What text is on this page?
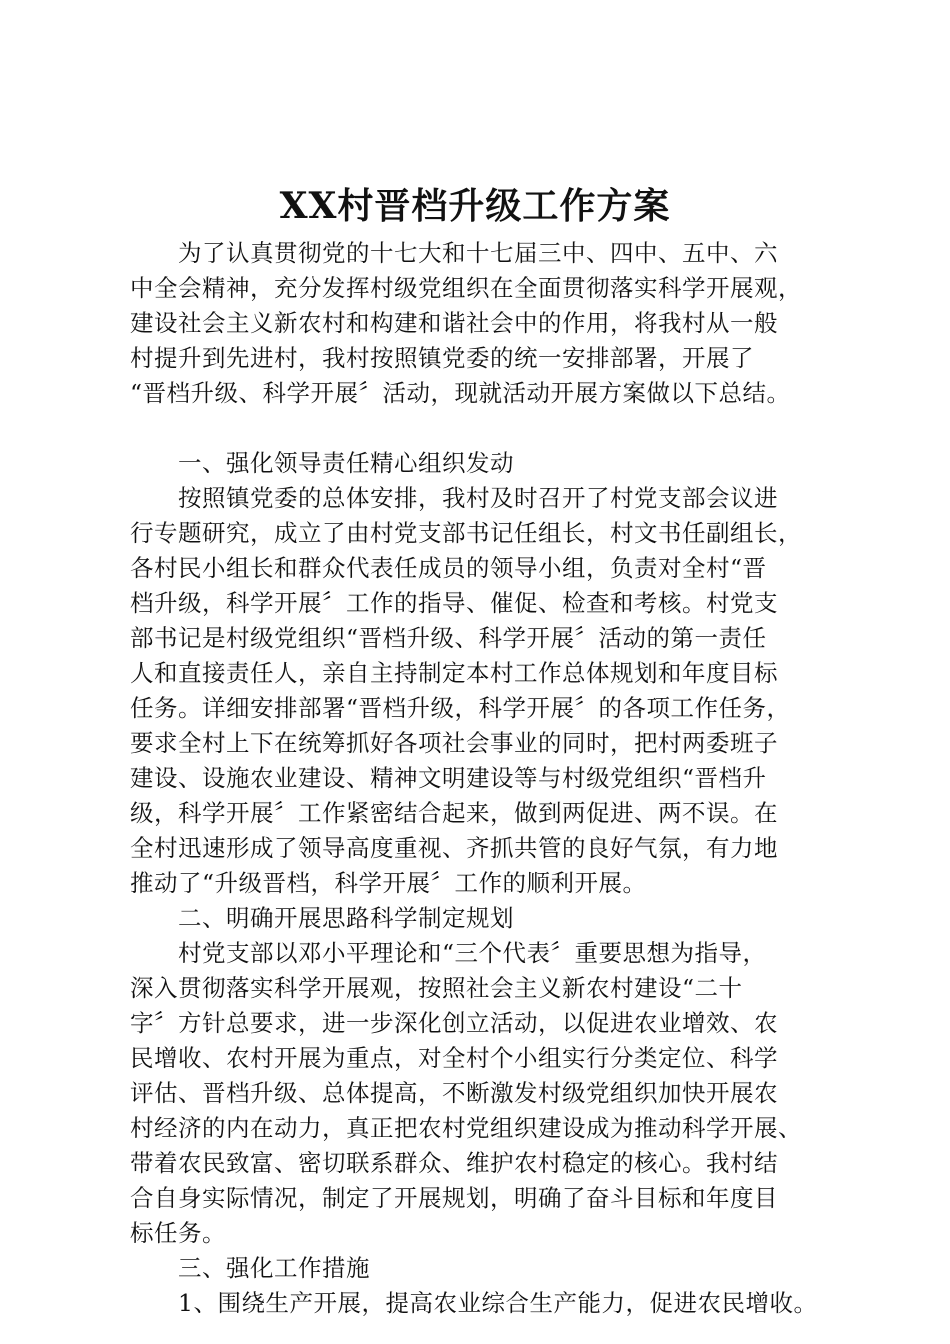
XX村晋档升级工作方案
　　为了认真贯彻党的十七大和十七届三中、四中、五中、六
中全会精神，充分发挥村级党组织在全面贯彻落实科学开展观，
建设社会主义新农村和构建和谐社会中的作用，将我村从一般
村提升到先进村，我村按照镇党委的统一安排部署，开展了
“晋档升级、科学开展〞活动，现就活动开展方案做以下总结。
　　一、强化领导责任精心组织发动
　　按照镇党委的总体安排，我村及时召开了村党支部会议进
行专题研究，成立了由村党支部书记任组长，村文书任副组长，
各村民小组长和群众代表任成员的领导小组，负责对全村“晋
档升级，科学开展〞工作的指导、催促、检查和考核。村党支
部书记是村级党组织“晋档升级、科学开展〞活动的第一责任
人和直接责任人，亲自主持制定本村工作总体规划和年度目标
任务。详细安排部署“晋档升级，科学开展〞的各项工作任务，
要求全村上下在统筹抓好各项社会事业的同时，把村两委班子
建设、设施农业建设、精神文明建设等与村级党组织“晋档升
级，科学开展〞工作紧密结合起来，做到两促进、两不误。在
全村迅速形成了领导高度重视、齐抓共管的良好气氛，有力地
推动了“升级晋档，科学开展〞工作的顺利开展。
　　二、明确开展思路科学制定规划
　　村党支部以邓小平理论和“三个代表〞重要思想为指导，
深入贯彻落实科学开展观，按照社会主义新农村建设“二十
字〞方针总要求，进一步深化创立活动，以促进农业增效、农
民增收、农村开展为重点，对全村个小组实行分类定位、科学
评估、晋档升级、总体提高，不断激发村级党组织加快开展农
村经济的内在动力，真正把农村党组织建设成为推动科学开展、
带着农民致富、密切联系群众、维护农村稳定的核心。我村结
合自身实际情况，制定了开展规划，明确了奋斗目标和年度目
标任务。
　　三、强化工作措施
　　1、围绕生产开展，提高农业综合生产能力，促进农民增收。
